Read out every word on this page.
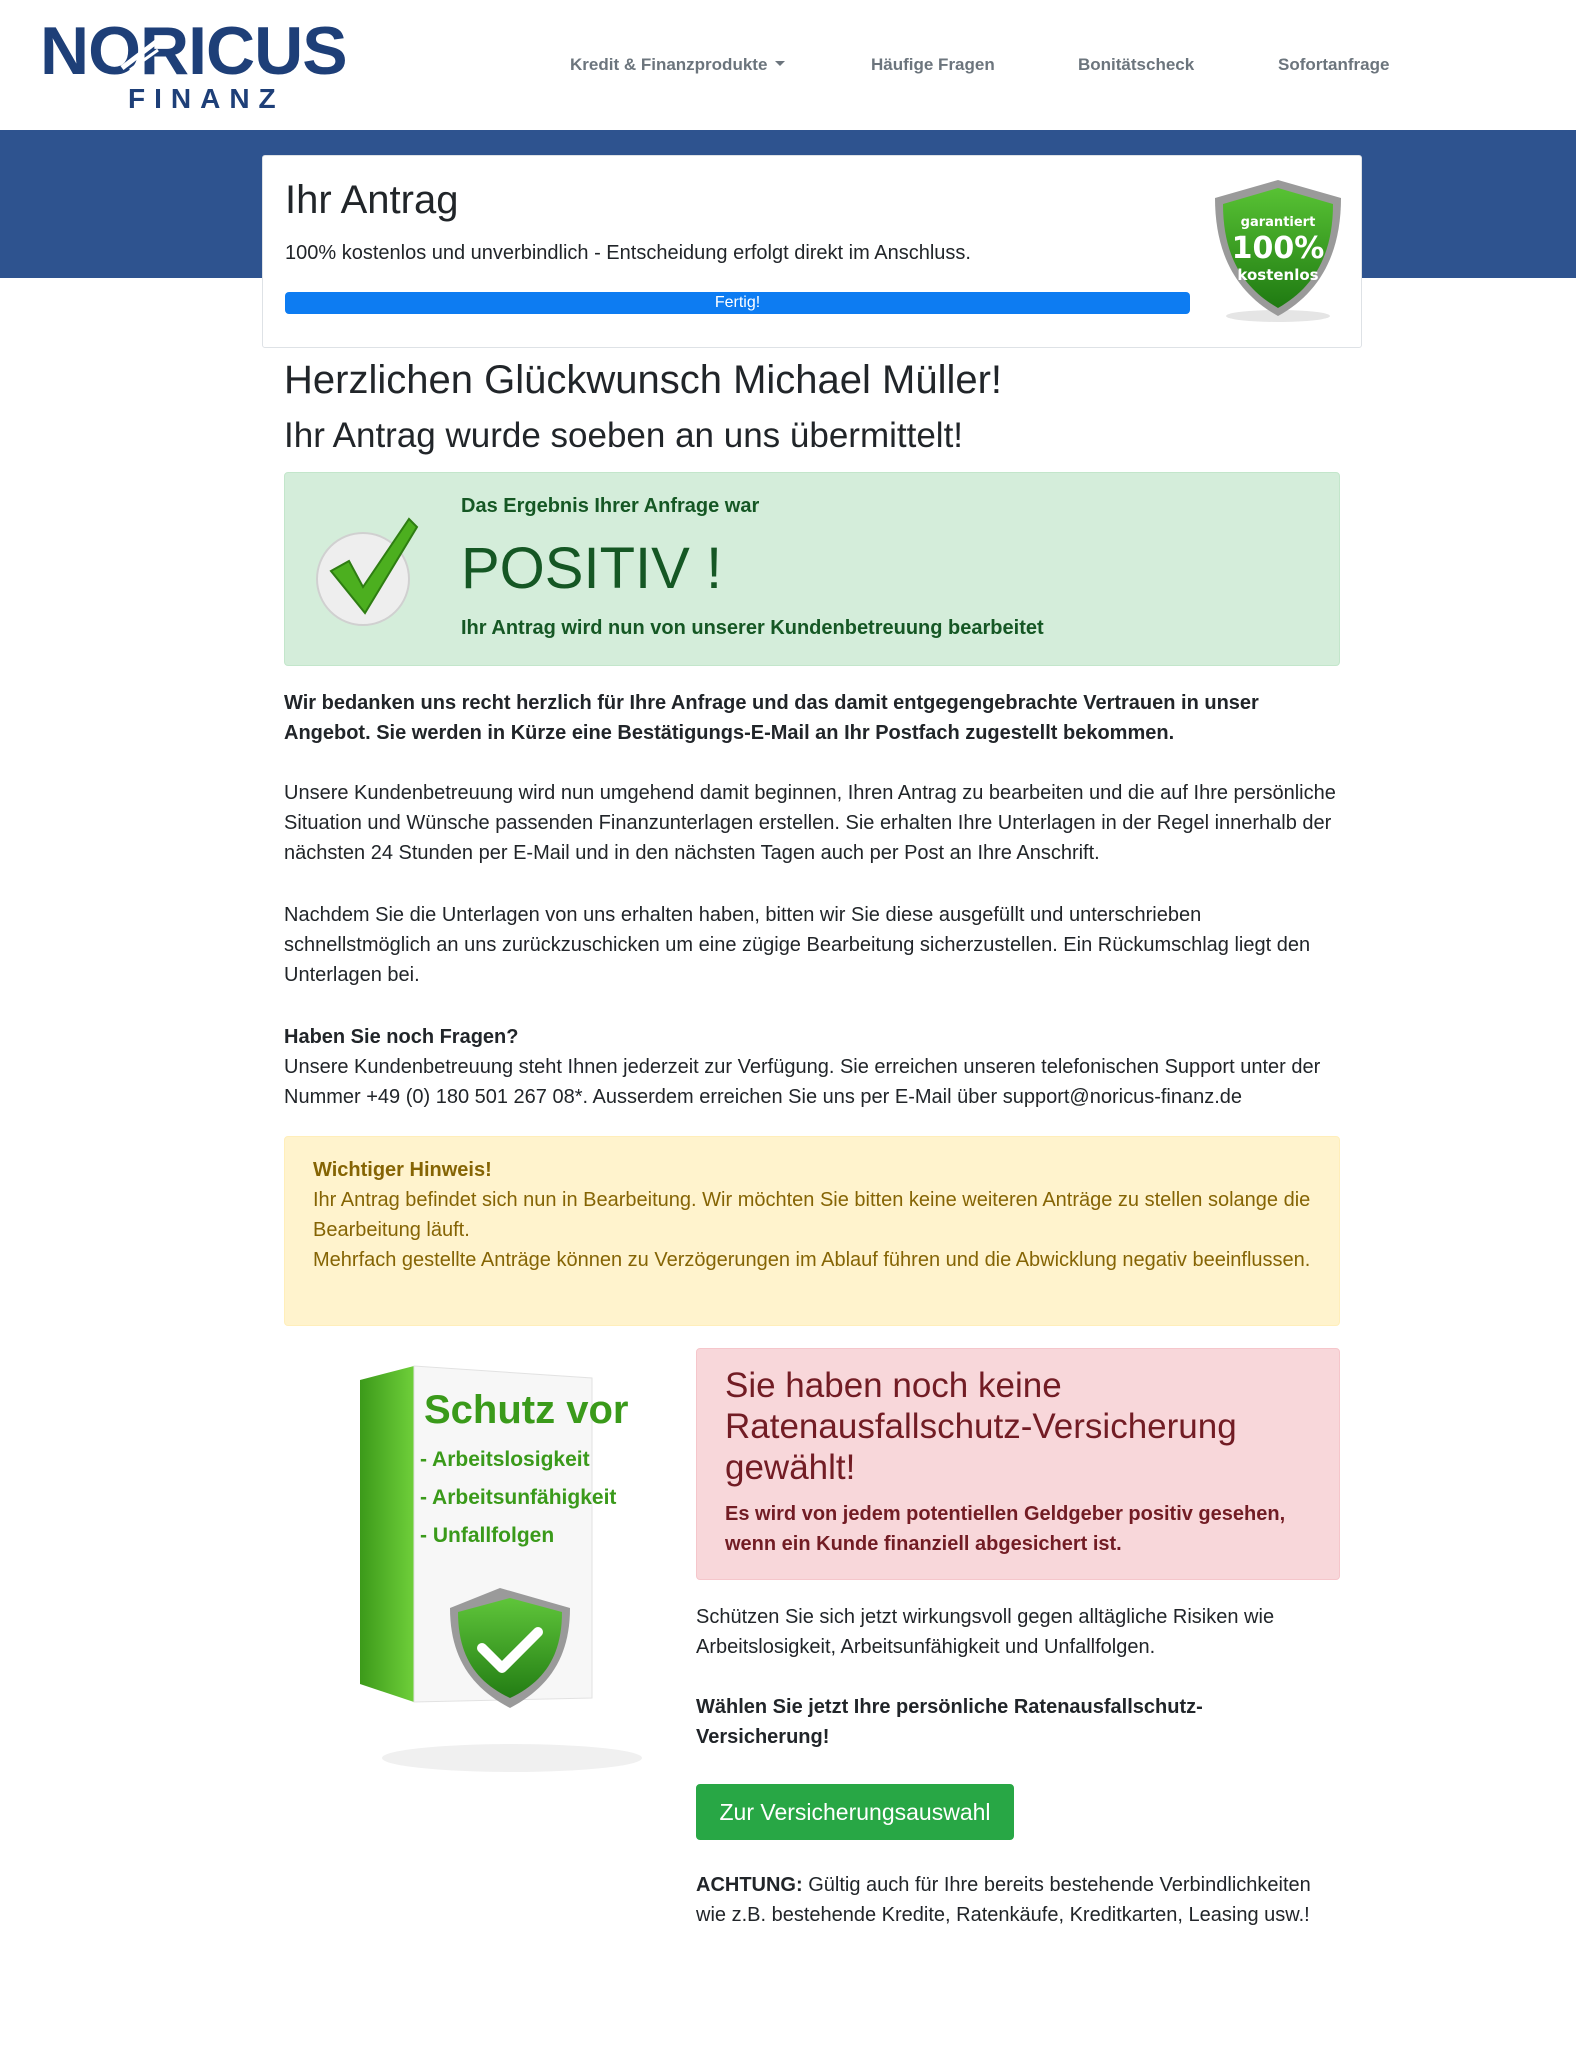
NORICUS
FINANZ
Kredit & Finanzprodukte	Häufige Fragen	Bonitätscheck	Sofortanfrage
Ihr Antrag
100% kostenlos und unverbindlich - Entscheidung erfolgt direkt im Anschluss.
Fertig!
garantiert
100%
kostenlos
Herzlichen Glückwunsch Michael Müller!
Ihr Antrag wurde soeben an uns übermittelt!
Das Ergebnis Ihrer Anfrage war
POSITIV !
Ihr Antrag wird nun von unserer Kundenbetreuung bearbeitet

Wir bedanken uns recht herzlich für Ihre Anfrage und das damit entgegengebrachte Vertrauen in unser Angebot. Sie werden in Kürze eine Bestätigungs-E-Mail an Ihr Postfach zugestellt bekommen.

Unsere Kundenbetreuung wird nun umgehend damit beginnen, Ihren Antrag zu bearbeiten und die auf Ihre persönliche Situation und Wünsche passenden Finanzunterlagen erstellen. Sie erhalten Ihre Unterlagen in der Regel innerhalb der nächsten 24 Stunden per E-Mail und in den nächsten Tagen auch per Post an Ihre Anschrift.

Nachdem Sie die Unterlagen von uns erhalten haben, bitten wir Sie diese ausgefüllt und unterschrieben schnellstmöglich an uns zurückzuschicken um eine zügige Bearbeitung sicherzustellen. Ein Rückumschlag liegt den Unterlagen bei.

Haben Sie noch Fragen?

Unsere Kundenbetreuung steht Ihnen jederzeit zur Verfügung. Sie erreichen unseren telefonischen Support unter der Nummer +49 (0) 180 501 267 08*. Ausserdem erreichen Sie uns per E-Mail über support@noricus-finanz.de

Wichtiger Hinweis!
Ihr Antrag befindet sich nun in Bearbeitung. Wir möchten Sie bitten keine weiteren Anträge zu stellen solange die Bearbeitung läuft.
Mehrfach gestellte Anträge können zu Verzögerungen im Ablauf führen und die Abwicklung negativ beeinflussen.
Schutz vor
- Arbeitslosigkeit
- Arbeitsunfähigkeit
- Unfallfolgen
Sie haben noch keine Ratenausfallschutz-Versicherung gewählt!
Es wird von jedem potentiellen Geldgeber positiv gesehen, wenn ein Kunde finanziell abgesichert ist.

Schützen Sie sich jetzt wirkungsvoll gegen alltägliche Risiken wie Arbeitslosigkeit, Arbeitsunfähigkeit und Unfallfolgen.

Wählen Sie jetzt Ihre persönliche Ratenausfallschutz-Versicherung!

Zur Versicherungsauswahl

ACHTUNG: Gültig auch für Ihre bereits bestehende Verbindlichkeiten wie z.B. bestehende Kredite, Ratenkäufe, Kreditkarten, Leasing usw.!
